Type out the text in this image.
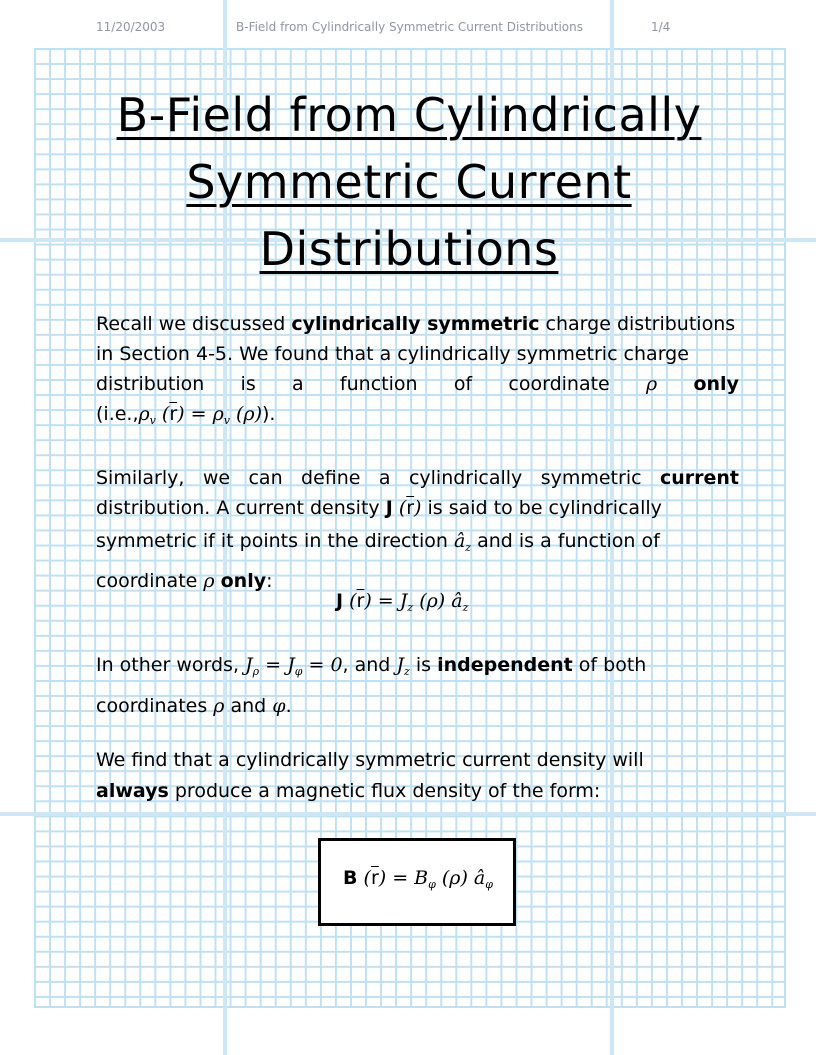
11/20/2003	B-Field from Cylindrically Symmetric Current Distributions	1/4
B-Field from Cylindrically
Symmetric Current
Distributions
Recall we discussed cylindrically symmetric charge distributions
in Section 4-5. We found that a cylindrically symmetric charge
distribution is a function of coordinate ρ only
($i.e.,\rho_v$ $(\overline{r}) = \rho_v$ (ρ)).
Similarly, we can define a cylindrically symmetric current
distribution. A current density J $(\overline{r})$ is said to be cylindrically
symmetric if it points in the direction $â_z$ and is a function of
coordinate ρ only:
J $(\overline{r}) = J_z$ (ρ) $â_z$
In other words, $J_\rho = J_\varphi = 0$, and $J_z$ is independent of both
coordinates ρ and φ.
We find that a cylindrically symmetric current density will
always produce a magnetic flux density of the form:
B $(\overline{r}) = B_\varphi$ (ρ) $â_\varphi$
